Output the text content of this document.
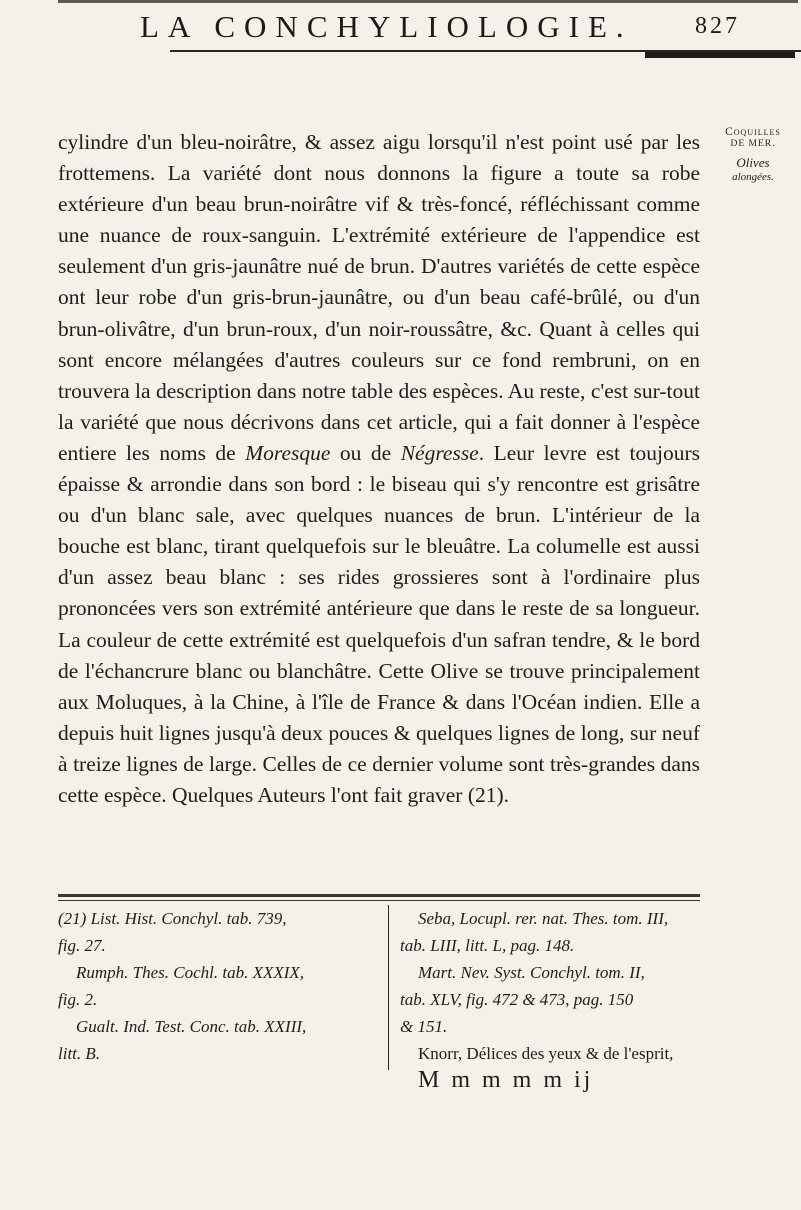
LA CONCHYLIOLOGIE.	827
Coquilles
DE MER.
Olives
alongées.

cylindre d'un bleu-noirâtre, & assez aigu lorsqu'il n'est point usé par les frottemens. La variété dont nous donnons la figure a toute sa robe extérieure d'un beau brun-noirâtre vif & très-foncé, réfléchissant comme une nuance de roux-sanguin. L'extrémité extérieure de l'appendice est seulement d'un gris-jaunâtre nué de brun. D'autres variétés de cette espèce ont leur robe d'un gris-brun-jaunâtre, ou d'un beau café-brûlé, ou d'un brun-olivâtre, d'un brun-roux, d'un noir-roussâtre, &c. Quant à celles qui sont encore mélangées d'autres couleurs sur ce fond rembruni, on en trouvera la description dans notre table des espèces. Au reste, c'est sur-tout la variété que nous décrivons dans cet article, qui a fait donner à l'espèce entiere les noms de Moresque ou de Négresse. Leur levre est toujours épaisse & arrondie dans son bord : le biseau qui s'y rencontre est grisâtre ou d'un blanc sale, avec quelques nuances de brun. L'intérieur de la bouche est blanc, tirant quelquefois sur le bleuâtre. La columelle est aussi d'un assez beau blanc : ses rides grossieres sont à l'ordinaire plus prononcées vers son extrémité antérieure que dans le reste de sa longueur. La couleur de cette extrémité est quelquefois d'un safran tendre, & le bord de l'échancrure blanc ou blanchâtre. Cette Olive se trouve principalement aux Moluques, à la Chine, à l'île de France & dans l'Océan indien. Elle a depuis huit lignes jusqu'à deux pouces & quelques lignes de long, sur neuf à treize lignes de large. Celles de ce dernier volume sont très-grandes dans cette espèce. Quelques Auteurs l'ont fait graver (21).

(21) List. Hist. Conchyl. tab. 739,
fig. 27.
Rumph. Thes. Cochl. tab. XXXIX,
fig. 2.
Gualt. Ind. Test. Conc. tab. XXIII,
litt. B.
Seba, Locupl. rer. nat. Thes. tom. III,
tab. LIII, litt. L, pag. 148.
Mart. Nev. Syst. Conchyl. tom. II,
tab. XLV, fig. 472 & 473, pag. 150
& 151.
Knorr, Délices des yeux & de l'esprit,
M m m m m ij
